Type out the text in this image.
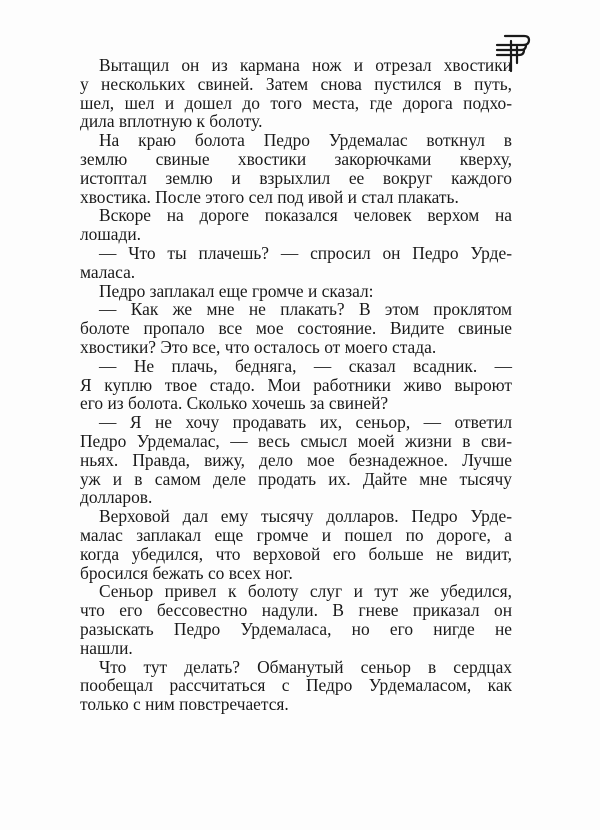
Вытащил он из кармана нож и отрезал хвостики
у нескольких свиней. Затем снова пустился в путь,
шел, шел и дошел до того места, где дорога подхо-
дила вплотную к болоту.
На краю болота Педро Урдемалас воткнул в
землю свиные хвостики закорючками кверху,
истоптал землю и взрыхлил ее вокруг каждого
хвостика. После этого сел под ивой и стал плакать.
Вскоре на дороге показался человек верхом на
лошади.
— Что ты плачешь? — спросил он Педро Урде-
маласа.
Педро заплакал еще громче и сказал:
— Как же мне не плакать? В этом проклятом
болоте пропало все мое состояние. Видите свиные
хвостики? Это все, что осталось от моего стада.
— Не плачь, бедняга, — сказал всадник. —
Я куплю твое стадо. Мои работники живо выроют
его из болота. Сколько хочешь за свиней?
— Я не хочу продавать их, сеньор, — ответил
Педро Урдемалас, — весь смысл моей жизни в сви-
ньях. Правда, вижу, дело мое безнадежное. Лучше
уж и в самом деле продать их. Дайте мне тысячу
долларов.
Верховой дал ему тысячу долларов. Педро Урде-
малас заплакал еще громче и пошел по дороге, а
когда убедился, что верховой его больше не видит,
бросился бежать со всех ног.
Сеньор привел к болоту слуг и тут же убедился,
что его бессовестно надули. В гневе приказал он
разыскать Педро Урдемаласа, но его нигде не
нашли.
Что тут делать? Обманутый сеньор в сердцах
пообещал рассчитаться с Педро Урдемаласом, как
только с ним повстречается.
